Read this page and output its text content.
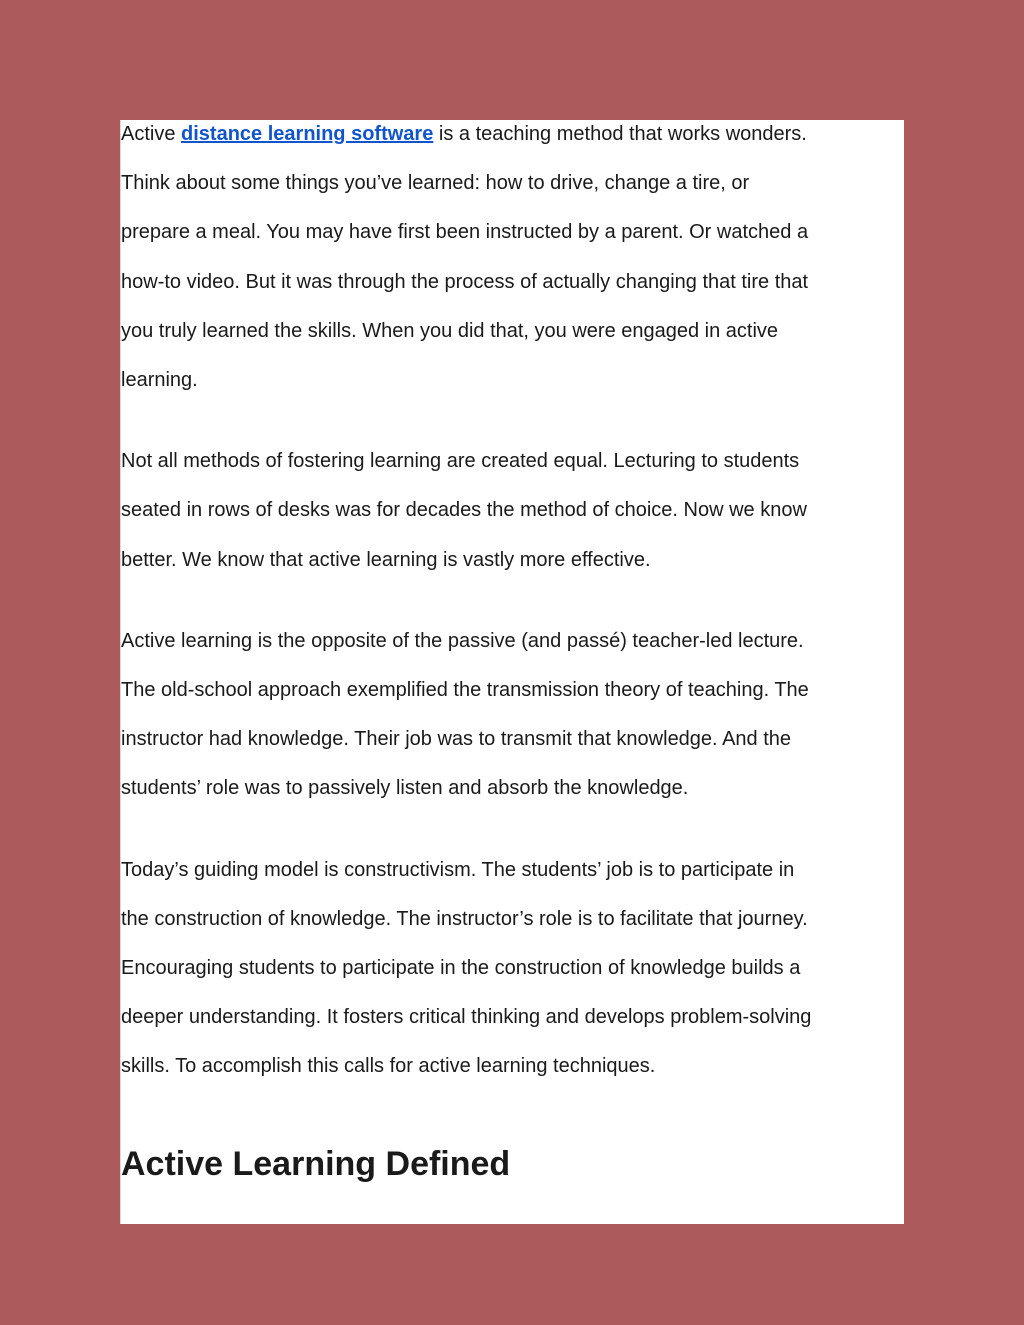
Active distance learning software is a teaching method that works wonders.
Think about some things you’ve learned: how to drive, change a tire, or
prepare a meal. You may have first been instructed by a parent. Or watched a
how-to video. But it was through the process of actually changing that tire that
you truly learned the skills. When you did that, you were engaged in active
learning.

Not all methods of fostering learning are created equal. Lecturing to students
seated in rows of desks was for decades the method of choice. Now we know
better. We know that active learning is vastly more effective.

Active learning is the opposite of the passive (and passé) teacher-led lecture.
The old-school approach exemplified the transmission theory of teaching. The
instructor had knowledge. Their job was to transmit that knowledge. And the
students’ role was to passively listen and absorb the knowledge.

Today’s guiding model is constructivism. The students’ job is to participate in
the construction of knowledge. The instructor’s role is to facilitate that journey.
Encouraging students to participate in the construction of knowledge builds a
deeper understanding. It fosters critical thinking and develops problem-solving
skills. To accomplish this calls for active learning techniques.

Active Learning Defined
